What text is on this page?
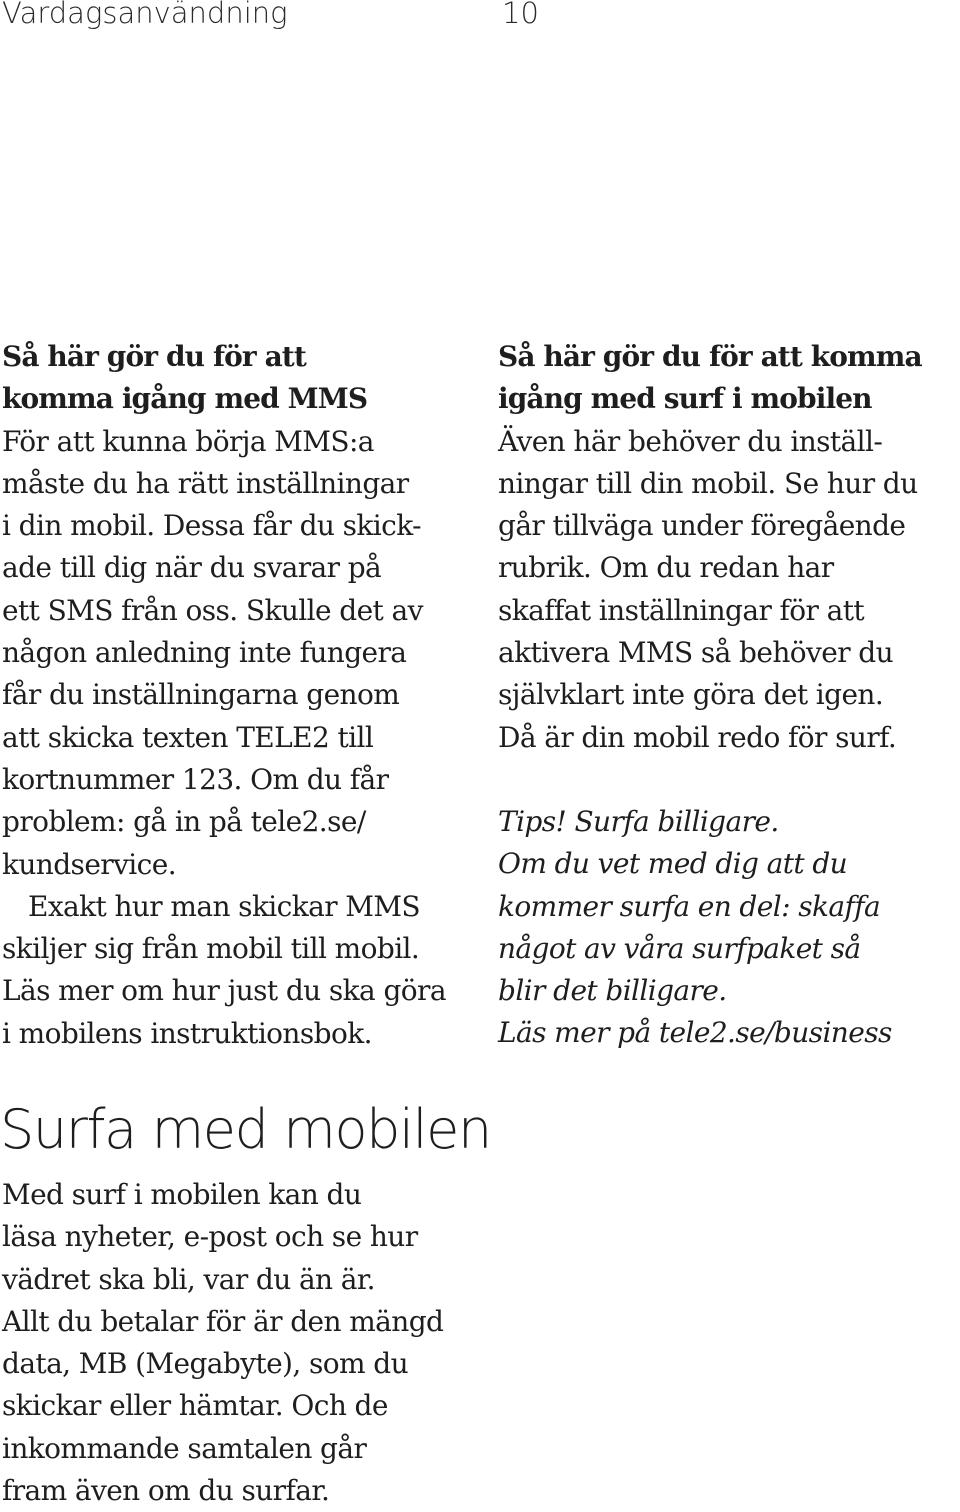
Vardagsanvändning	10
Så här gör du för att
komma igång med MMS
För att kunna börja MMS:a
måste du ha rätt inställningar
i din mobil. Dessa får du skick-
ade till dig när du svarar på
ett SMS från oss. Skulle det av
någon anledning inte fungera
får du inställningarna genom
att skicka texten TELE2 till
kortnummer 123. Om du får
problem: gå in på tele2.se/
kundservice.
Exakt hur man skickar MMS
skiljer sig från mobil till mobil.
Läs mer om hur just du ska göra
i mobilens instruktionsbok.
Så här gör du för att komma
igång med surf i mobilen
Även här behöver du inställ-
ningar till din mobil. Se hur du
går tillväga under föregående
rubrik. Om du redan har
skaffat inställningar för att
aktivera MMS så behöver du
självklart inte göra det igen.
Då är din mobil redo för surf.
Tips! Surfa billigare.
Om du vet med dig att du
kommer surfa en del: skaffa
något av våra surfpaket så
blir det billigare.
Läs mer på tele2.se/business
Surfa med mobilen
Med surf i mobilen kan du
läsa nyheter, e-post och se hur
vädret ska bli, var du än är.
Allt du betalar för är den mängd
data, MB (Megabyte), som du
skickar eller hämtar. Och de
inkommande samtalen går
fram även om du surfar.
